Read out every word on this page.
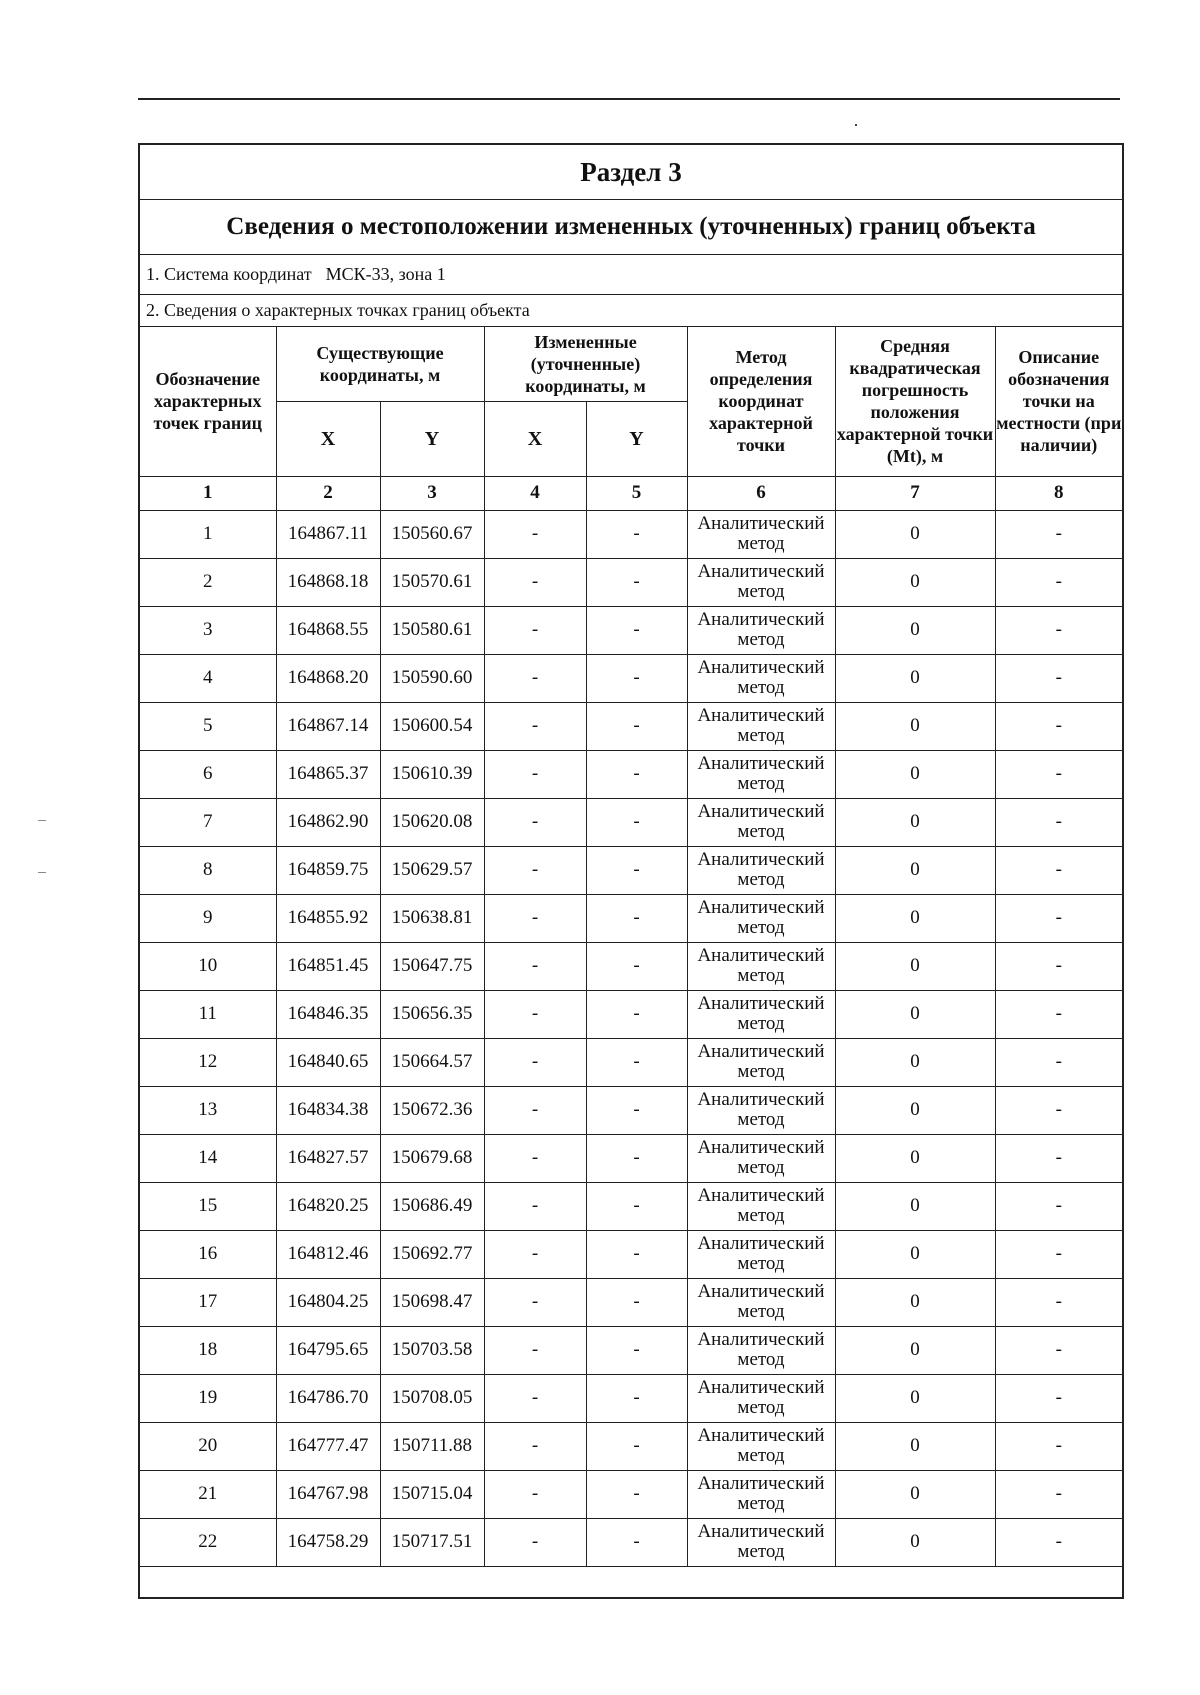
Раздел 3
Сведения о местоположении измененных (уточненных) границ объекта
1. Система координат МСК-33, зона 1
2. Сведения о характерных точках границ объекта
Обозначение характерных точек границ	Существующие координаты, м		Измененные (уточненные) координаты, м		Метод определения координат характерной точки	Средняя квадратическая погрешность положения характерной точки (Mt), м	Описание обозначения точки на местности (при наличии)
	X	Y	X	Y			
1	2	3	4	5	6	7	8
1	164867.11	150560.67	-	-	Аналитический метод	0	-
2	164868.18	150570.61	-	-	Аналитический метод	0	-
3	164868.55	150580.61	-	-	Аналитический метод	0	-
4	164868.20	150590.60	-	-	Аналитический метод	0	-
5	164867.14	150600.54	-	-	Аналитический метод	0	-
6	164865.37	150610.39	-	-	Аналитический метод	0	-
7	164862.90	150620.08	-	-	Аналитический метод	0	-
8	164859.75	150629.57	-	-	Аналитический метод	0	-
9	164855.92	150638.81	-	-	Аналитический метод	0	-
10	164851.45	150647.75	-	-	Аналитический метод	0	-
11	164846.35	150656.35	-	-	Аналитический метод	0	-
12	164840.65	150664.57	-	-	Аналитический метод	0	-
13	164834.38	150672.36	-	-	Аналитический метод	0	-
14	164827.57	150679.68	-	-	Аналитический метод	0	-
15	164820.25	150686.49	-	-	Аналитический метод	0	-
16	164812.46	150692.77	-	-	Аналитический метод	0	-
17	164804.25	150698.47	-	-	Аналитический метод	0	-
18	164795.65	150703.58	-	-	Аналитический метод	0	-
19	164786.70	150708.05	-	-	Аналитический метод	0	-
20	164777.47	150711.88	-	-	Аналитический метод	0	-
21	164767.98	150715.04	-	-	Аналитический метод	0	-
22	164758.29	150717.51	-	-	Аналитический метод	0	-
